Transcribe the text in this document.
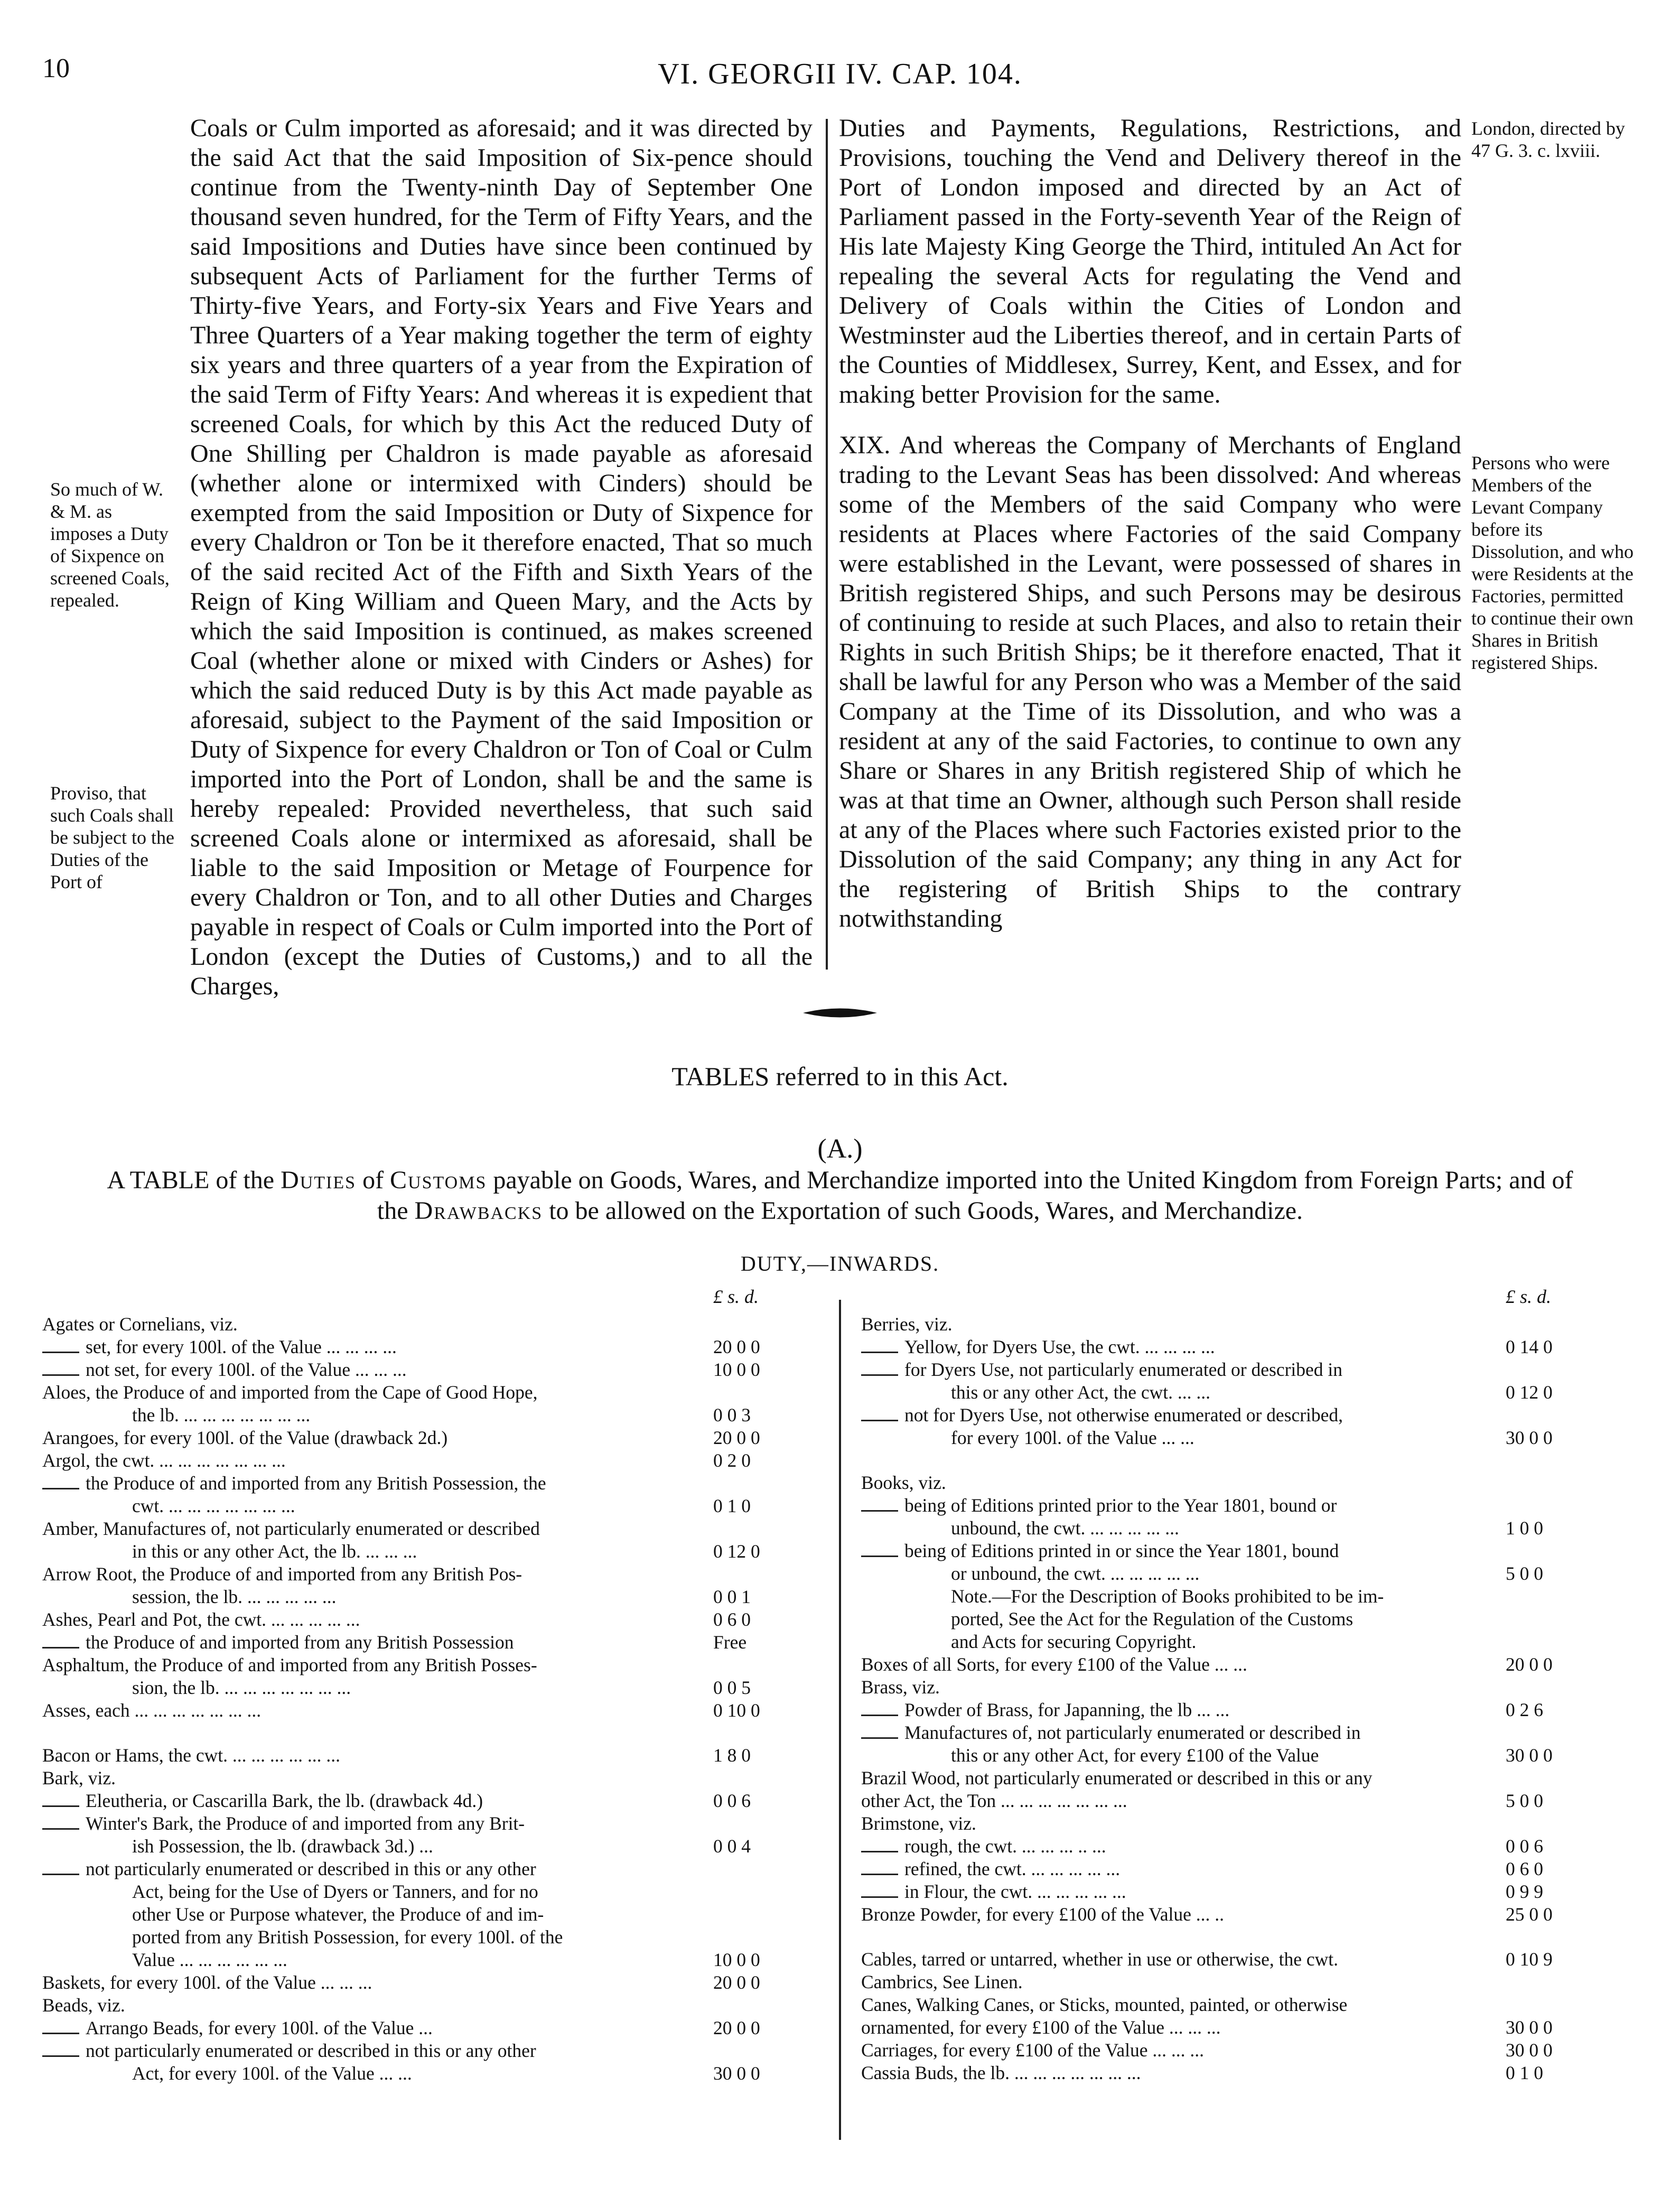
10	VI. GEORGII IV. CAP. 104.

Coals or Culm imported as aforesaid; and it was directed by the said Act that the said Imposition of Six-pence should continue from the Twenty-ninth Day of September One thousand seven hundred, for the Term of Fifty Years, and the said Impositions and Duties have since been continued by subsequent Acts of Parliament for the further Terms of Thirty-five Years, and Forty-six Years and Five Years and Three Quarters of a Year making together the term of eighty six years and three quarters of a year from the Expiration of the said Term of Fifty Years: And whereas it is expedient that screened Coals, for which by this Act the reduced Duty of One Shilling per Chaldron is made payable as aforesaid (whether alone or intermixed with Cinders) should be exempted from the said Imposition or Duty of Sixpence for every Chaldron or Ton be it therefore enacted, That so much of the said recited Act of the Fifth and Sixth Years of the Reign of King William and Queen Mary, and the Acts by which the said Imposition is continued, as makes screened Coal (whether alone or mixed with Cinders or Ashes) for which the said reduced Duty is by this Act made payable as aforesaid, subject to the Payment of the said Imposition or Duty of Sixpence for every Chaldron or Ton of Coal or Culm imported into the Port of London, shall be and the same is hereby repealed: Provided nevertheless, that such said screened Coals alone or intermixed as aforesaid, shall be liable to the said Imposition or Metage of Fourpence for every Chaldron or Ton, and to all other Duties and Charges payable in respect of Coals or Culm imported into the Port of London (except the Duties of Customs,) and to all the Charges,

Duties and Payments, Regulations, Restrictions, and Provisions, touching the Vend and Delivery thereof in the Port of London imposed and directed by an Act of Parliament passed in the Forty-seventh Year of the Reign of His late Majesty King George the Third, intituled An Act for repealing the several Acts for regulating the Vend and Delivery of Coals within the Cities of London and Westminster aud the Liberties thereof, and in certain Parts of the Counties of Middlesex, Surrey, Kent, and Essex, and for making better Provision for the same.

XIX. And whereas the Company of Merchants of England trading to the Levant Seas has been dissolved: And whereas some of the Members of the said Company who were residents at Places where Factories of the said Company were established in the Levant, were possessed of shares in British registered Ships, and such Persons may be desirous of continuing to reside at such Places, and also to retain their Rights in such British Ships; be it therefore enacted, That it shall be lawful for any Person who was a Member of the said Company at the Time of its Dissolution, and who was a resident at any of the said Factories, to continue to own any Share or Shares in any British registered Ship of which he was at that time an Owner, although such Person shall reside at any of the Places where such Factories existed prior to the Dissolution of the said Company; any thing in any Act for the registering of British Ships to the contrary notwithstanding

So much of W. & M. as imposes a Duty of Sixpence on screened Coals, repealed.
Proviso, that such Coals shall be subject to the Duties of the Port of
London, directed by 47 G. 3. c. lxviii.
Persons who were Members of the Levant Company before its Dissolution, and who were Residents at the Factories, permitted to continue their own Shares in British registered Ships.
TABLES referred to in this Act.
(A.)
A TABLE of the Duties of Customs payable on Goods, Wares, and Merchandize imported into the United Kingdom from Foreign Parts; and of the Drawbacks to be allowed on the Exportation of such Goods, Wares, and Merchandize.
DUTY,—INWARDS.
£ s. d.
Agates or Cornelians, viz.
set, for every 100l. of the Value ... ... ... ...	20 0 0
not set, for every 100l. of the Value ... ... ...	10 0 0
Aloes, the Produce of and imported from the Cape of Good Hope,
the lb. ... ... ... ... ... ... ...	0 0 3
Arangoes, for every 100l. of the Value (drawback 2d.)	20 0 0
Argol, the cwt. ... ... ... ... ... ... ...	0 2 0
the Produce of and imported from any British Possession, the
cwt. ... ... ... ... ... ... ...	0 1 0
Amber, Manufactures of, not particularly enumerated or described
in this or any other Act, the lb. ... ... ...	0 12 0
Arrow Root, the Produce of and imported from any British Pos-
session, the lb. ... ... ... ... ...	0 0 1
Ashes, Pearl and Pot, the cwt. ... ... ... ... ...	0 6 0
the Produce of and imported from any British Possession	Free
Asphaltum, the Produce of and imported from any British Posses-
sion, the lb. ... ... ... ... ... ... ...	0 0 5
Asses, each ... ... ... ... ... ... ...	0 10 0
Bacon or Hams, the cwt. ... ... ... ... ... ...	1 8 0
Bark, viz.
Eleutheria, or Cascarilla Bark, the lb. (drawback 4d.)	0 0 6
Winter's Bark, the Produce of and imported from any Brit-
ish Possession, the lb. (drawback 3d.) ...	0 0 4
not particularly enumerated or described in this or any other
Act, being for the Use of Dyers or Tanners, and for no
other Use or Purpose whatever, the Produce of and im-
ported from any British Possession, for every 100l. of the
Value ... ... ... ... ... ...	10 0 0
Baskets, for every 100l. of the Value ... ... ...	20 0 0
Beads, viz.
Arrango Beads, for every 100l. of the Value ...	20 0 0
not particularly enumerated or described in this or any other
Act, for every 100l. of the Value ... ...	30 0 0
£ s. d.
Berries, viz.
Yellow, for Dyers Use, the cwt. ... ... ... ...	0 14 0
for Dyers Use, not particularly enumerated or described in
this or any other Act, the cwt. ... ...	0 12 0
not for Dyers Use, not otherwise enumerated or described,
for every 100l. of the Value ... ...	30 0 0
Books, viz.
being of Editions printed prior to the Year 1801, bound or
unbound, the cwt. ... ... ... ... ...	1 0 0
being of Editions printed in or since the Year 1801, bound
or unbound, the cwt. ... ... ... ... ...	5 0 0
Note.—For the Description of Books prohibited to be im-
ported, See the Act for the Regulation of the Customs
and Acts for securing Copyright.
Boxes of all Sorts, for every £100 of the Value ... ...	20 0 0
Brass, viz.
Powder of Brass, for Japanning, the lb ... ...	0 2 6
Manufactures of, not particularly enumerated or described in
this or any other Act, for every £100 of the Value	30 0 0
Brazil Wood, not particularly enumerated or described in this or any
other Act, the Ton ... ... ... ... ... ... ...	5 0 0
Brimstone, viz.
rough, the cwt. ... ... ... .. ...	0 0 6
refined, the cwt. ... ... ... ... ...	0 6 0
in Flour, the cwt. ... ... ... ... ...	0 9 9
Bronze Powder, for every £100 of the Value ... ..	25 0 0
Cables, tarred or untarred, whether in use or otherwise, the cwt.	0 10 9
Cambrics, See Linen.
Canes, Walking Canes, or Sticks, mounted, painted, or otherwise
ornamented, for every £100 of the Value ... ... ...	30 0 0
Carriages, for every £100 of the Value ... ... ...	30 0 0
Cassia Buds, the lb. ... ... ... ... ... ... ...	0 1 0
